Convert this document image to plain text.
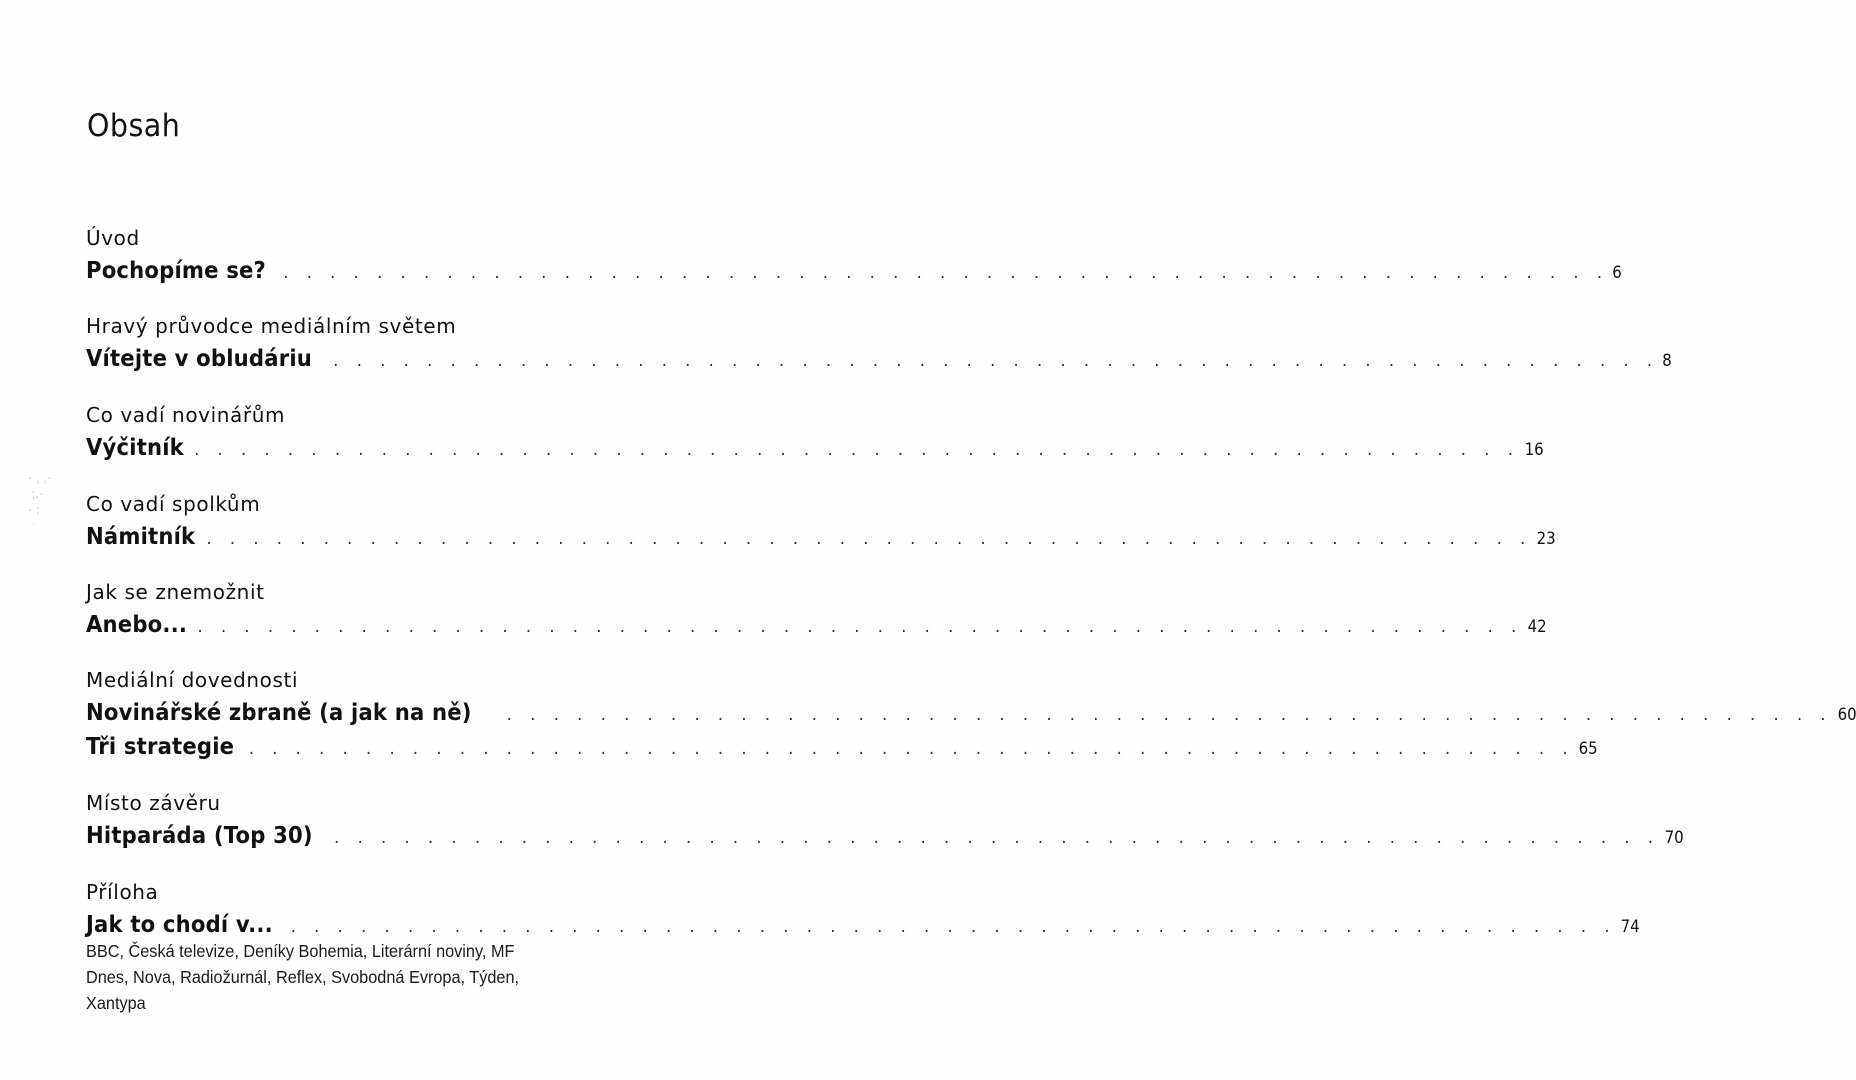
Obsah
· , ,·
;.·
· :
ˑ
Úvod
Pochopíme se? . . . . . . . . . . . . . . . . . . . . . . . . . . . . . . . . . . . . . . . . . . . . . . . . . . . . . . . . . 6
Hravý průvodce mediálním světem
Vítejte v obludáriu . . . . . . . . . . . . . . . . . . . . . . . . . . . . . . . . . . . . . . . . . . . . . . . . . . . . . . . . . 8
Co vadí novinářům
Výčitník . . . . . . . . . . . . . . . . . . . . . . . . . . . . . . . . . . . . . . . . . . . . . . . . . . . . . . . . . 16
Co vadí spolkům
Námitník . . . . . . . . . . . . . . . . . . . . . . . . . . . . . . . . . . . . . . . . . . . . . . . . . . . . . . . . . 23
Jak se znemožnit
Anebo... . . . . . . . . . . . . . . . . . . . . . . . . . . . . . . . . . . . . . . . . . . . . . . . . . . . . . . . . . 42
Mediální dovednosti
Novinářské zbraně (a jak na ně) . . . . . . . . . . . . . . . . . . . . . . . . . . . . . . . . . . . . . . . . . . . . . . . . . . . . . . . . . 60
Tři strategie . . . . . . . . . . . . . . . . . . . . . . . . . . . . . . . . . . . . . . . . . . . . . . . . . . . . . . . . . 65
Místo závěru
Hitparáda (Top 30) . . . . . . . . . . . . . . . . . . . . . . . . . . . . . . . . . . . . . . . . . . . . . . . . . . . . . . . . . 70
Příloha
Jak to chodí v... . . . . . . . . . . . . . . . . . . . . . . . . . . . . . . . . . . . . . . . . . . . . . . . . . . . . . . . . . 74
BBC, Česká televize, Deníky Bohemia, Literární noviny, MF Dnes, Nova, Radiožurnál, Reflex, Svobodná Evropa, Týden, Xantypa
